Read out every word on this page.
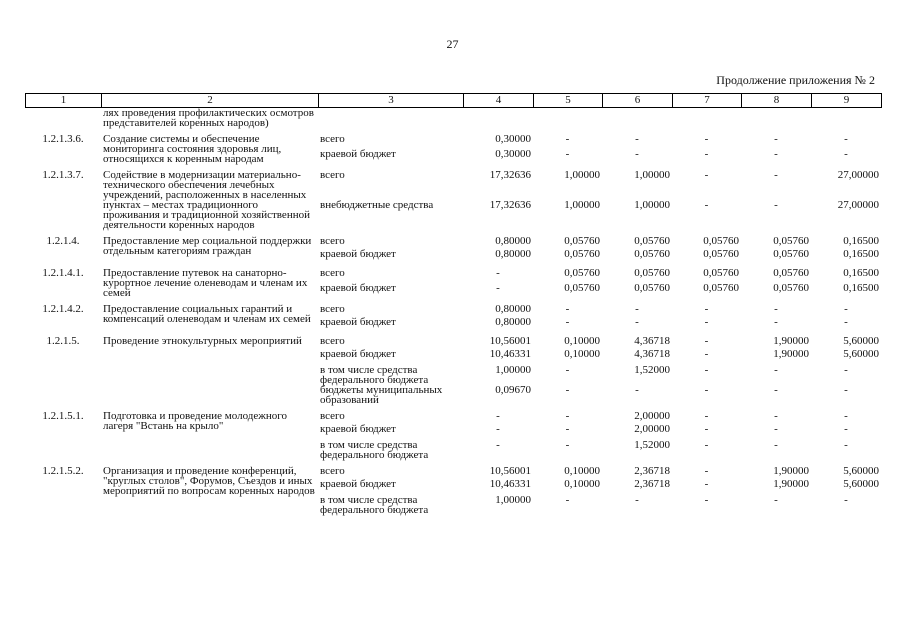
27
Продолжение приложения № 2
1	2	3	4	5	6	7	8	9
	лях проведения профилактических осмотров представителей коренных народов)							
1.2.1.3.6.	Создание системы и обеспечение мониторинга состояния здоровья лиц, относящихся к коренным народам	всего	0,30000	-	-	-	-	-
		краевой бюджет	0,30000	-	-	-	-	-
1.2.1.3.7.	Содействие в модернизации материально-технического обеспечения лечебных учреждений, расположенных в населенных пунктах – местах традиционного проживания и традиционной хозяйственной деятельности коренных народов	всего	17,32636	1,00000	1,00000	-	-	27,00000
		внебюджетные средства	17,32636	1,00000	1,00000	-	-	27,00000
1.2.1.4.	Предоставление мер социальной поддержки отдельным категориям граждан	всего	0,80000	0,05760	0,05760	0,05760	0,05760	0,16500
		краевой бюджет	0,80000	0,05760	0,05760	0,05760	0,05760	0,16500
1.2.1.4.1.	Предоставление путевок на санаторно-курортное лечение оленеводам и членам их семей	всего	-	0,05760	0,05760	0,05760	0,05760	0,16500
		краевой бюджет	-	0,05760	0,05760	0,05760	0,05760	0,16500
1.2.1.4.2.	Предоставление социальных гарантий и компенсаций оленеводам и членам их семей	всего	0,80000	-	-	-	-	-
		краевой бюджет	0,80000	-	-	-	-	-
1.2.1.5.	Проведение этнокультурных мероприятий	всего	10,56001	0,10000	4,36718	-	1,90000	5,60000
		краевой бюджет	10,46331	0,10000	4,36718	-	1,90000	5,60000
		в том числе средства федерального бюджета	1,00000	-	1,52000	-	-	-
		бюджеты муниципальных образований	0,09670	-	-	-	-	-
1.2.1.5.1.	Подготовка и проведение молодежного лагеря "Встань на крыло"	всего	-	-	2,00000	-	-	-
		краевой бюджет	-	-	2,00000	-	-	-
		в том числе средства федерального бюджета	-	-	1,52000	-	-	-
1.2.1.5.2.	Организация и проведение конференций, "круглых столов", Форумов, Съездов и иных мероприятий по вопросам коренных народов	всего	10,56001	0,10000	2,36718	-	1,90000	5,60000
		краевой бюджет	10,46331	0,10000	2,36718	-	1,90000	5,60000
		в том числе средства федерального бюджета	1,00000	-	-	-	-	-
